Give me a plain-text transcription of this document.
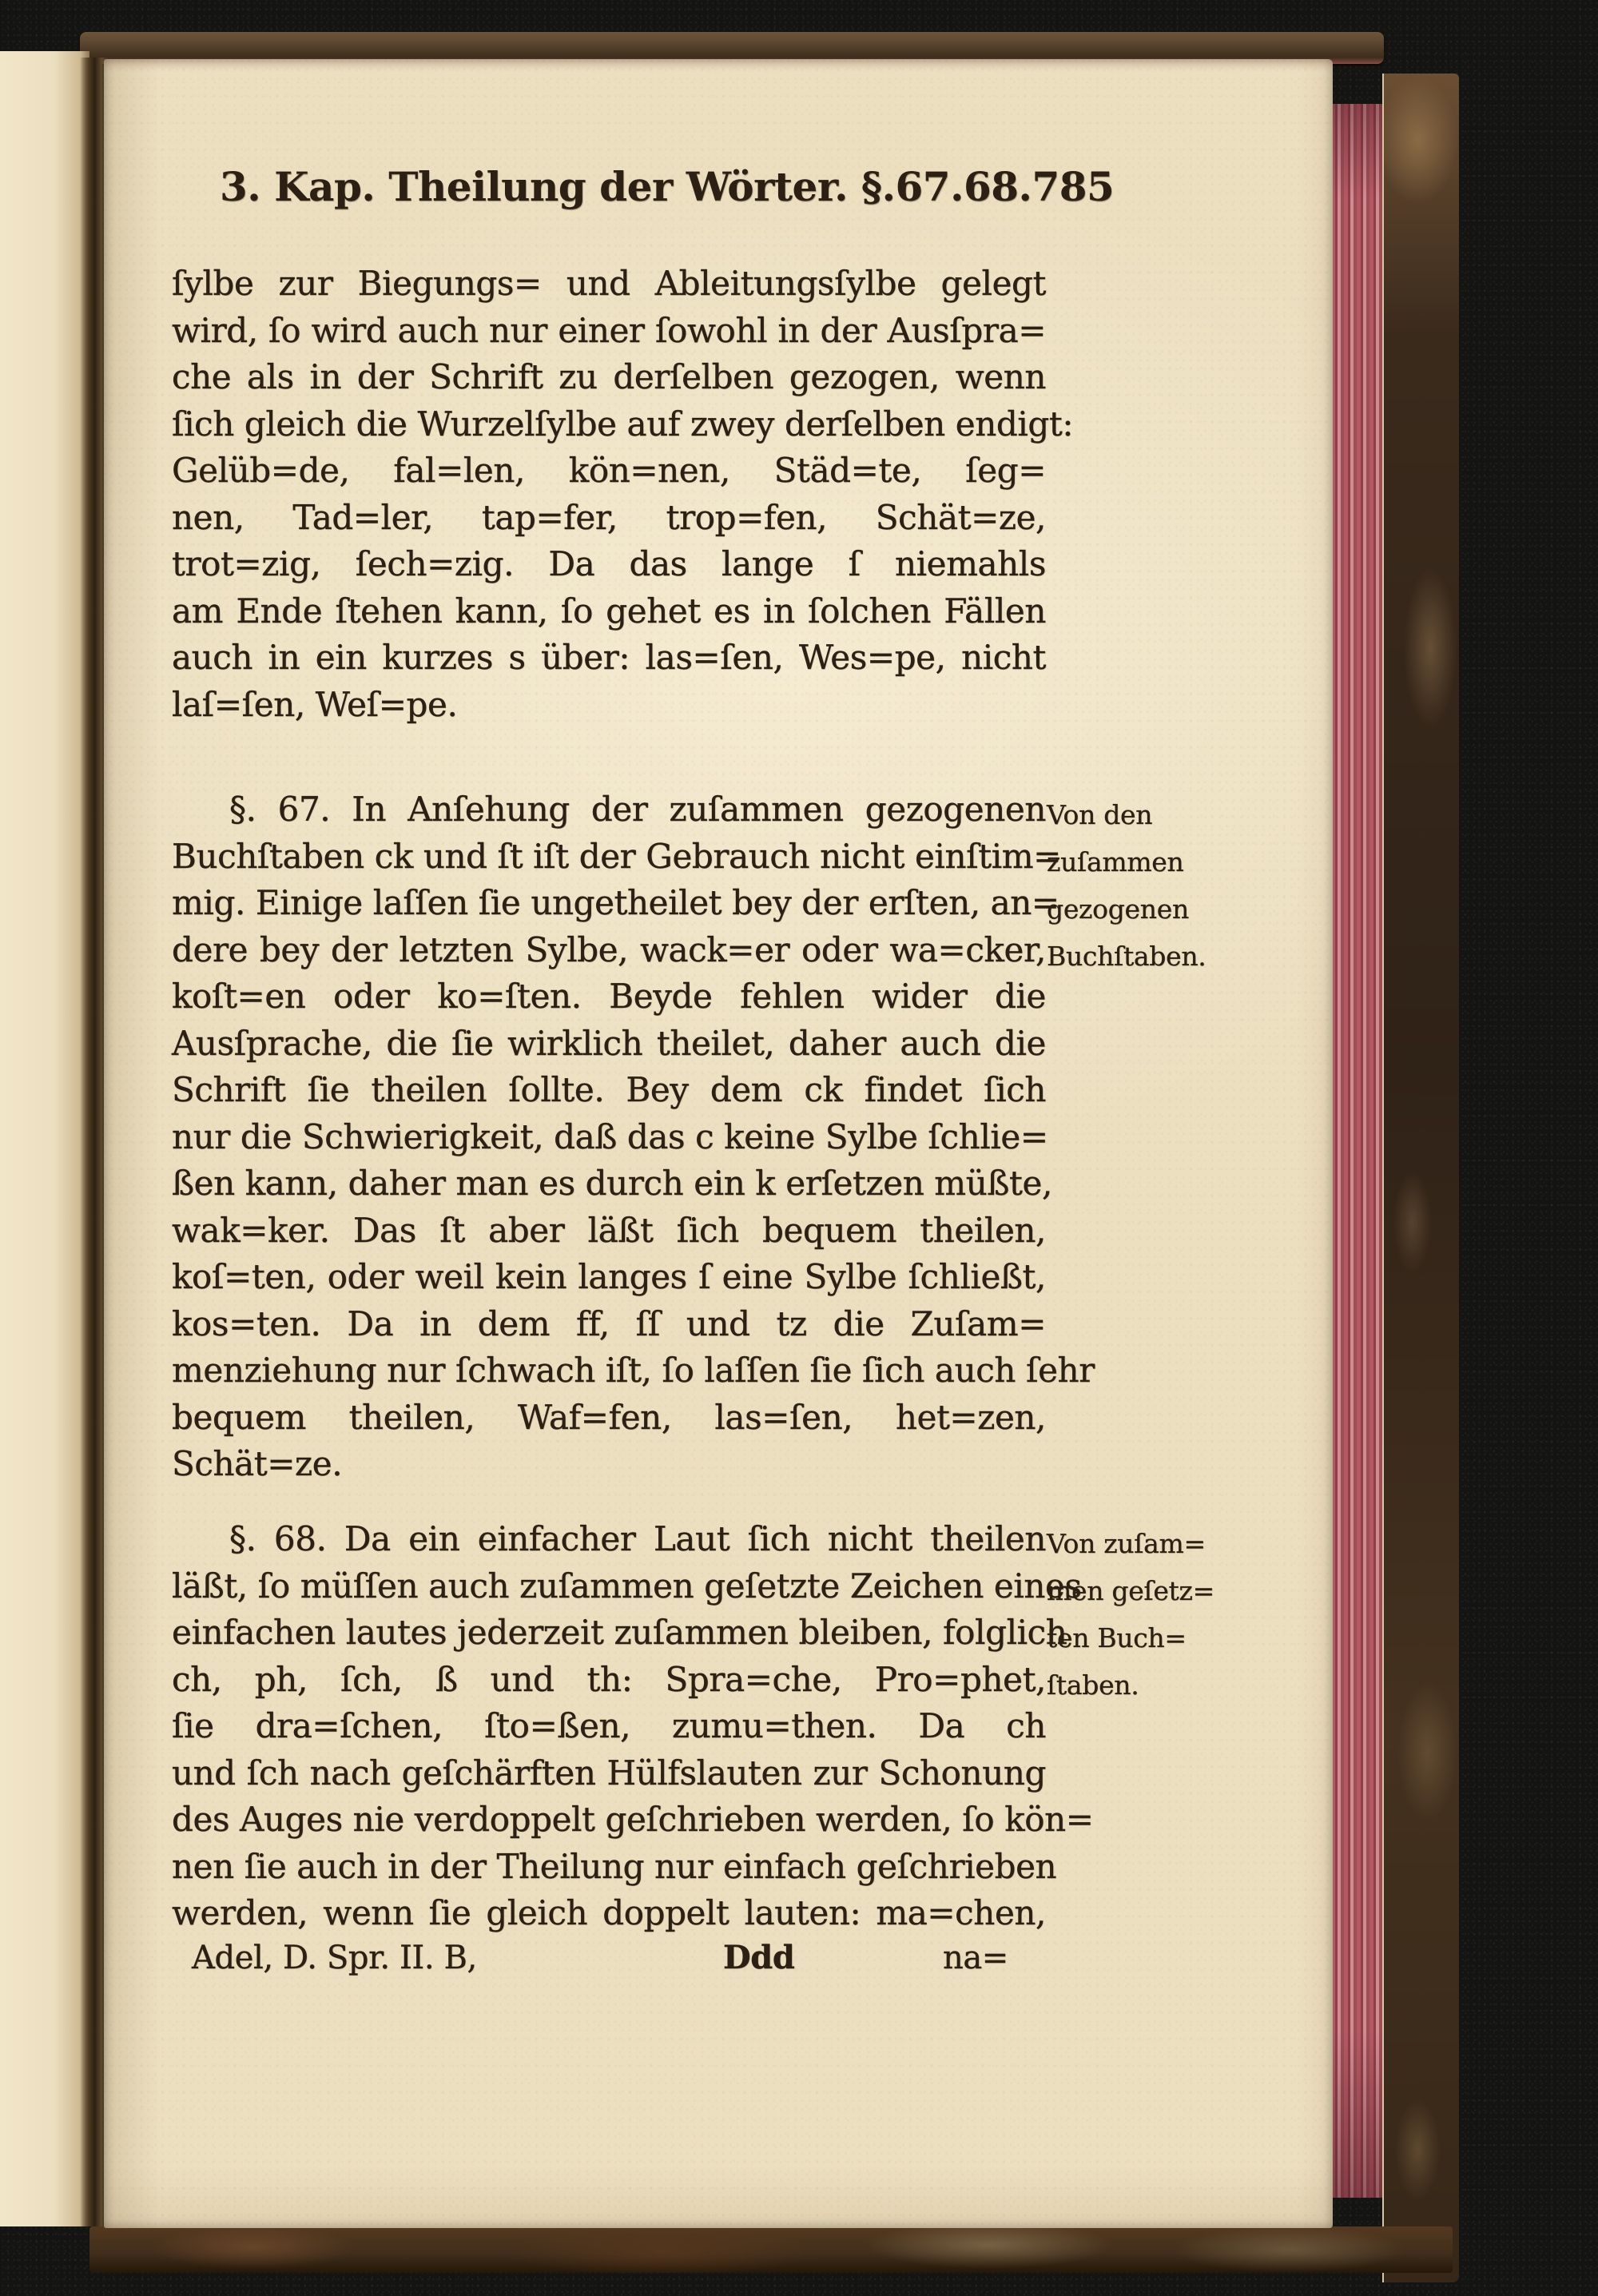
3. Kap. Theilung der Wörter. §.67.68. 785
ſylbe zur Biegungs= und Ableitungsſylbe gelegt
wird, ſo wird auch nur einer ſowohl in der Ausſpra=
che als in der Schrift zu derſelben gezogen, wenn
ſich gleich die Wurzelſylbe auf zwey derſelben endigt:
Gelüb=de, fal=len, kön=nen, Städ=te, ſeg=
nen, Tad=ler, tap=fer, trop=fen, Schät=ze,
trot=zig, ſech=zig. Da das lange ſ niemahls
am Ende ſtehen kann, ſo gehet es in ſolchen Fällen
auch in ein kurzes s über: las=ſen, Wes=pe, nicht
laſ=ſen, Weſ=pe.
§. 67. In Anſehung der zuſammen gezogenen
Buchſtaben ck und ſt iſt der Gebrauch nicht einſtim=
mig. Einige laſſen ſie ungetheilet bey der erſten, an=
dere bey der letzten Sylbe, wack=er oder wa=cker,
koſt=en oder ko=ſten. Beyde fehlen wider die
Ausſprache, die ſie wirklich theilet, daher auch die
Schrift ſie theilen ſollte. Bey dem ck findet ſich
nur die Schwierigkeit, daß das c keine Sylbe ſchlie=
ßen kann, daher man es durch ein k erſetzen müßte,
wak=ker. Das ſt aber läßt ſich bequem theilen,
koſ=ten, oder weil kein langes ſ eine Sylbe ſchließt,
kos=ten. Da in dem ff, ſſ und tz die Zuſam=
menziehung nur ſchwach iſt, ſo laſſen ſie ſich auch ſehr
bequem theilen, Waf=fen, las=ſen, het=zen,
Schät=ze.
Von den
zuſammen
gezogenen
Buchſtaben.
§. 68. Da ein einfacher Laut ſich nicht theilen
läßt, ſo müſſen auch zuſammen geſetzte Zeichen eines
einfachen lautes jederzeit zuſammen bleiben, folglich
ch, ph, ſch, ß und th: Spra=che, Pro=phet,
ſie dra=ſchen, ſto=ßen, zumu=then. Da ch
und ſch nach geſchärften Hülfslauten zur Schonung
des Auges nie verdoppelt geſchrieben werden, ſo kön=
nen ſie auch in der Theilung nur einfach geſchrieben
werden, wenn ſie gleich doppelt lauten: ma=chen,
Von zuſam=
men geſetz=
ten Buch=
ſtaben.
Adel, D. Spr. II. B,	Ddd	na=
